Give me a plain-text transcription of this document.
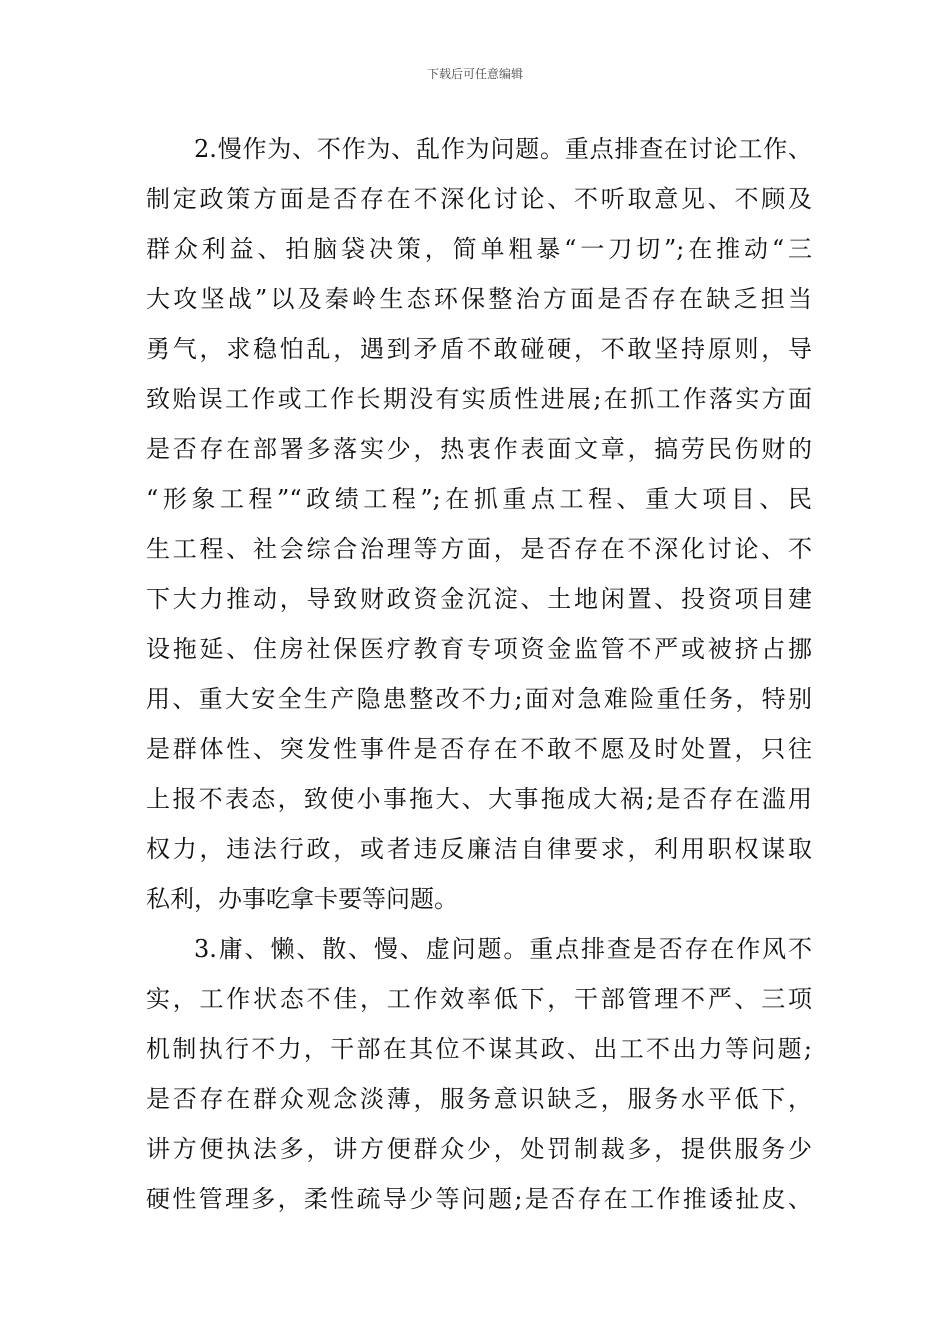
下载后可任意编辑
2.慢作为、不作为、乱作为问题。重点排查在讨论工作、
制定政策方面是否存在不深化讨论、不听取意见、不顾及
群众利益、拍脑袋决策，简单粗暴“一刀切”;在推动“三
大攻坚战”以及秦岭生态环保整治方面是否存在缺乏担当
勇气，求稳怕乱，遇到矛盾不敢碰硬，不敢坚持原则，导
致贻误工作或工作长期没有实质性进展;在抓工作落实方面
是否存在部署多落实少，热衷作表面文章，搞劳民伤财的
“形象工程”“政绩工程”;在抓重点工程、重大项目、民
生工程、社会综合治理等方面，是否存在不深化讨论、不
下大力推动，导致财政资金沉淀、土地闲置、投资项目建
设拖延、住房社保医疗教育专项资金监管不严或被挤占挪
用、重大安全生产隐患整改不力;面对急难险重任务，特别
是群体性、突发性事件是否存在不敢不愿及时处置，只往
上报不表态，致使小事拖大、大事拖成大祸;是否存在滥用
权力，违法行政，或者违反廉洁自律要求，利用职权谋取
私利，办事吃拿卡要等问题。
3.庸、懒、散、慢、虚问题。重点排查是否存在作风不
实，工作状态不佳，工作效率低下，干部管理不严、三项
机制执行不力，干部在其位不谋其政、出工不出力等问题;
是否存在群众观念淡薄，服务意识缺乏，服务水平低下，
讲方便执法多，讲方便群众少，处罚制裁多，提供服务少
硬性管理多，柔性疏导少等问题;是否存在工作推诿扯皮、
